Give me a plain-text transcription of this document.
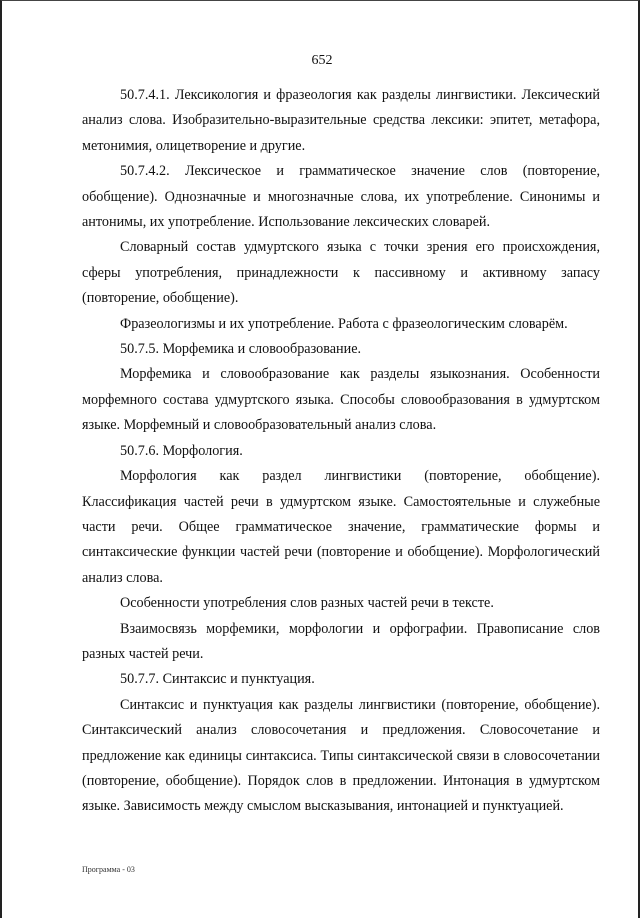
652

50.7.4.1. Лексикология и фразеология как разделы лингвистики. Лексический анализ слова. Изобразительно-выразительные средства лексики: эпитет, метафора, метонимия, олицетворение и другие.

50.7.4.2. Лексическое и грамматическое значение слов (повторение, обобщение). Однозначные и многозначные слова, их употребление. Синонимы и антонимы, их употребление. Использование лексических словарей.

Словарный состав удмуртского языка с точки зрения его происхождения, сферы употребления, принадлежности к пассивному и активному запасу (повторение, обобщение).

Фразеологизмы и их употребление. Работа с фразеологическим словарём.

50.7.5. Морфемика и словообразование.

Морфемика и словообразование как разделы языкознания. Особенности морфемного состава удмуртского языка. Способы словообразования в удмуртском языке. Морфемный и словообразовательный анализ слова.

50.7.6. Морфология.

Морфология как раздел лингвистики (повторение, обобщение). Классификация частей речи в удмуртском языке. Самостоятельные и служебные части речи. Общее грамматическое значение, грамматические формы и синтаксические функции частей речи (повторение и обобщение). Морфологический анализ слова.

Особенности употребления слов разных частей речи в тексте.

Взаимосвязь морфемики, морфологии и орфографии. Правописание слов разных частей речи.

50.7.7. Синтаксис и пунктуация.

Синтаксис и пунктуация как разделы лингвистики (повторение, обобщение). Синтаксический анализ словосочетания и предложения. Словосочетание и предложение как единицы синтаксиса. Типы синтаксической связи в словосочетании (повторение, обобщение). Порядок слов в предложении. Интонация в удмуртском языке. Зависимость между смыслом высказывания, интонацией и пунктуацией.

Программа - 03
